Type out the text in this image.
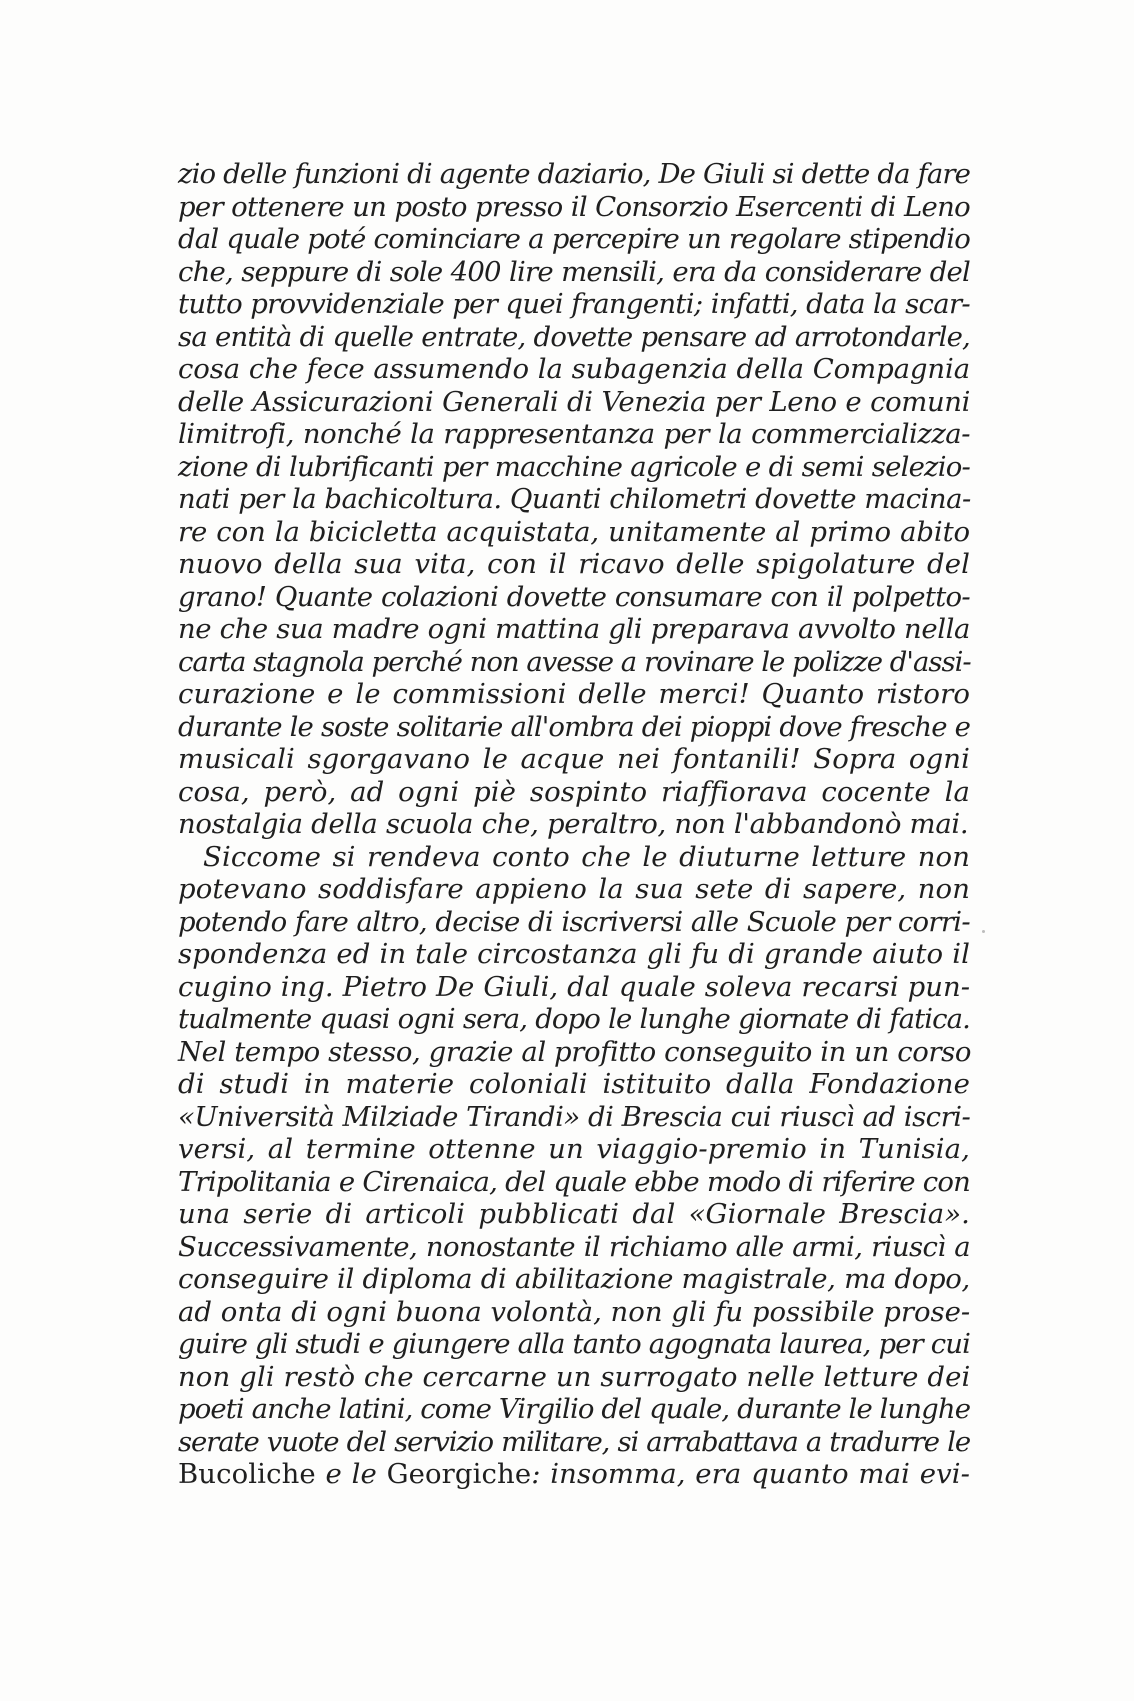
zio delle funzioni di agente daziario, De Giuli si dette da fare
per ottenere un posto presso il Consorzio Esercenti di Leno
dal quale poté cominciare a percepire un regolare stipendio
che, seppure di sole 400 lire mensili, era da considerare del
tutto provvidenziale per quei frangenti; infatti, data la scar-
sa entità di quelle entrate, dovette pensare ad arrotondarle,
cosa che fece assumendo la subagenzia della Compagnia
delle Assicurazioni Generali di Venezia per Leno e comuni
limitrofi, nonché la rappresentanza per la commercializza-
zione di lubrificanti per macchine agricole e di semi selezio-
nati per la bachicoltura. Quanti chilometri dovette macina-
re con la bicicletta acquistata, unitamente al primo abito
nuovo della sua vita, con il ricavo delle spigolature del
grano! Quante colazioni dovette consumare con il polpetto-
ne che sua madre ogni mattina gli preparava avvolto nella
carta stagnola perché non avesse a rovinare le polizze d'assi-
curazione e le commissioni delle merci! Quanto ristoro
durante le soste solitarie all'ombra dei pioppi dove fresche e
musicali sgorgavano le acque nei fontanili! Sopra ogni
cosa, però, ad ogni piè sospinto riaffiorava cocente la
nostalgia della scuola che, peraltro, non l'abbandonò mai.
Siccome si rendeva conto che le diuturne letture non
potevano soddisfare appieno la sua sete di sapere, non
potendo fare altro, decise di iscriversi alle Scuole per corri-
spondenza ed in tale circostanza gli fu di grande aiuto il
cugino ing. Pietro De Giuli, dal quale soleva recarsi pun-
tualmente quasi ogni sera, dopo le lunghe giornate di fatica.
Nel tempo stesso, grazie al profitto conseguito in un corso
di studi in materie coloniali istituito dalla Fondazione
«Università Milziade Tirandi» di Brescia cui riuscì ad iscri-
versi, al termine ottenne un viaggio-premio in Tunisia,
Tripolitania e Cirenaica, del quale ebbe modo di riferire con
una serie di articoli pubblicati dal «Giornale Brescia».
Successivamente, nonostante il richiamo alle armi, riuscì a
conseguire il diploma di abilitazione magistrale, ma dopo,
ad onta di ogni buona volontà, non gli fu possibile prose-
guire gli studi e giungere alla tanto agognata laurea, per cui
non gli restò che cercarne un surrogato nelle letture dei
poeti anche latini, come Virgilio del quale, durante le lunghe
serate vuote del servizio militare, si arrabattava a tradurre le
Bucoliche e le Georgiche: insomma, era quanto mai evi-
